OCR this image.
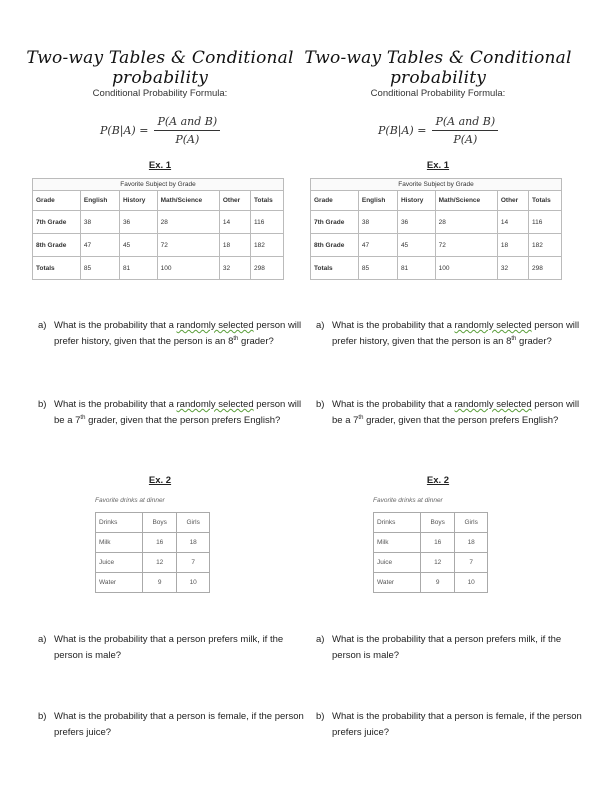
Two-way Tables & Conditional probability
Conditional Probability Formula:
$P(B|A) = \frac{\text{P(A and B)}}{P(A)}$
Ex. 1
Favorite Subject by Grade
Grade	English	History	Math/Science	Other	Totals
7th Grade	38	36	28	14	116
8th Grade	47	45	72	18	182
Totals	85	81	100	32	298
a) What is the probability that a randomly selected person will prefer history, given that the person is an 8th grader?
b) What is the probability that a randomly selected person will be a 7th grader, given that the person prefers English?
Ex. 2
Favorite drinks at dinner
Drinks	Boys	Girls
Milk	16	18
Juice	12	7
Water	9	10
a) What is the probability that a person prefers milk, if the person is male?
b) What is the probability that a person is female, if the person prefers juice?
Two-way Tables & Conditional probability
Conditional Probability Formula:
$P(B|A) = \frac{\text{P(A and B)}}{P(A)}$
Ex. 1
Favorite Subject by Grade
Grade	English	History	Math/Science	Other	Totals
7th Grade	38	36	28	14	116
8th Grade	47	45	72	18	182
Totals	85	81	100	32	298
a) What is the probability that a randomly selected person will prefer history, given that the person is an 8th grader?
b) What is the probability that a randomly selected person will be a 7th grader, given that the person prefers English?
Ex. 2
Favorite drinks at dinner
Drinks	Boys	Girls
Milk	16	18
Juice	12	7
Water	9	10
a) What is the probability that a person prefers milk, if the person is male?
b) What is the probability that a person is female, if the person prefers juice?
